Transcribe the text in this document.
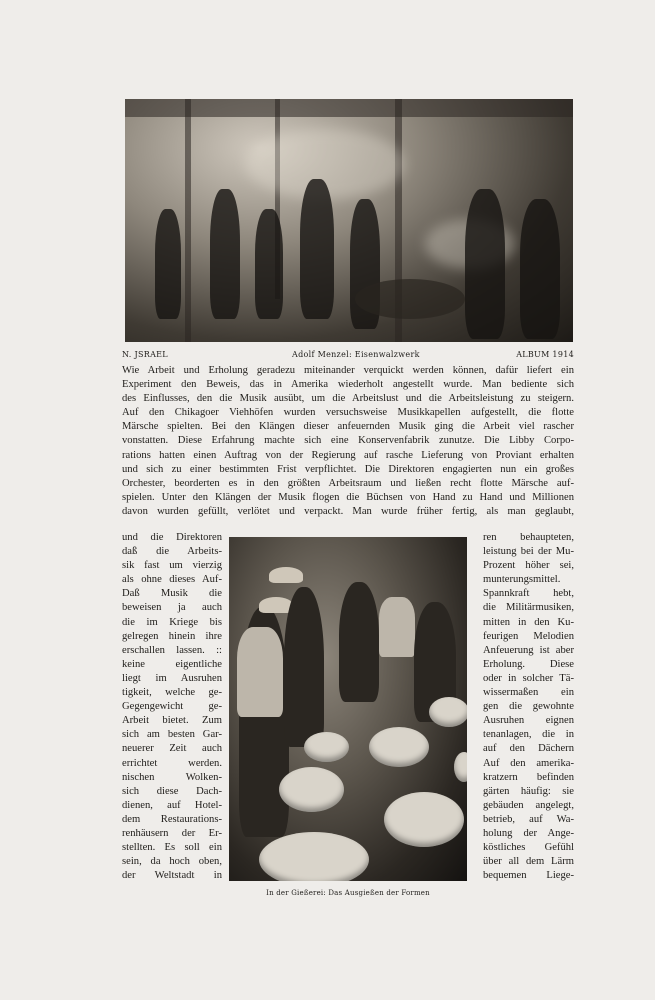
N. JSRAEL	Adolf Menzel: Eisenwalzwerk	ALBUM 1914

Wie Arbeit und Erholung geradezu miteinander verquickt werden können, dafür liefert ein

Experiment den Beweis, das in Amerika wiederholt angestellt wurde. Man bediente sich

des Einflusses, den die Musik ausübt, um die Arbeitslust und die Arbeitsleistung zu steigern.

Auf den Chikagoer Viehhöfen wurden versuchsweise Musikkapellen aufgestellt, die flotte

Märsche spielten. Bei den Klängen dieser anfeuernden Musik ging die Arbeit viel rascher

vonstatten. Diese Erfahrung machte sich eine Konservenfabrik zunutze. Die Libby Corpo-

rations hatten einen Auftrag von der Regierung auf rasche Lieferung von Proviant erhalten

und sich zu einer bestimmten Frist verpflichtet. Die Direktoren engagierten nun ein großes

Orchester, beorderten es in den größten Arbeitsraum und ließen recht flotte Märsche auf-

spielen. Unter den Klängen der Musik flogen die Büchsen von Hand zu Hand und Millionen

davon wurden gefüllt, verlötet und verpackt. Man wurde früher fertig, als man geglaubt,

und die Direktoren

daß die Arbeits-

sik fast um vierzig

als ohne dieses Auf-

Daß Musik die

beweisen ja auch

die im Kriege bis

gelregen hinein ihre

erschallen lassen. ::

keine eigentliche

liegt im Ausruhen

tigkeit, welche ge-

Gegengewicht ge-

Arbeit bietet. Zum

sich am besten Gar-

neuerer Zeit auch

errichtet werden.

nischen Wolken-

sich diese Dach-

dienen, auf Hotel-

dem Restaurations-

renhäusern der Er-

stellten. Es soll ein

sein, da hoch oben,

der Weltstadt in

In der Gießerei: Das Ausgießen der Formen

ren behaupteten,

leistung bei der Mu-

Prozent höher sei,

munterungsmittel.

Spannkraft hebt,

die Militärmusiken,

mitten in den Ku-

feurigen Melodien

Anfeuerung ist aber

Erholung. Diese

oder in solcher Tä-

wissermaßen ein

gen die gewohnte

Ausruhen eignen

tenanlagen, die in

auf den Dächern

Auf den amerika-

kratzern befinden

gärten häufig: sie

gebäuden angelegt,

betrieb, auf Wa-

holung der Ange-

köstliches Gefühl

über all dem Lärm

bequemen Liege-
